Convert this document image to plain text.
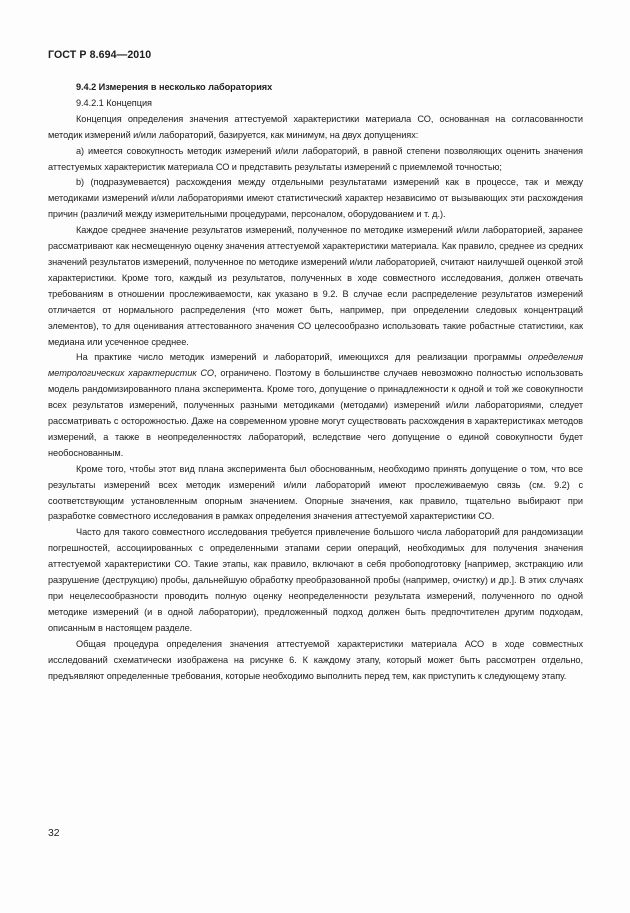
ГОСТ Р 8.694—2010

9.4.2 Измерения в несколько лабораториях

9.4.2.1 Концепция

Концепция определения значения аттестуемой характеристики материала СО, основанная на согласованности методик измерений и/или лабораторий, базируется, как минимум, на двух допущениях:

а) имеется совокупность методик измерений и/или лабораторий, в равной степени позволяющих оценить значения аттестуемых характеристик материала СО и представить результаты измерений с приемлемой точностью;

b) (подразумевается) расхождения между отдельными результатами измерений как в процессе, так и между методиками измерений и/или лабораториями имеют статистический характер независимо от вызывающих эти расхождения причин (различий между измерительными процедурами, персоналом, оборудованием и т. д.).

Каждое среднее значение результатов измерений, полученное по методике измерений и/или лабораторией, заранее рассматривают как несмещенную оценку значения аттестуемой характеристики материала. Как правило, среднее из средних значений результатов измерений, полученное по методике измерений и/или лабораторией, считают наилучшей оценкой этой характеристики. Кроме того, каждый из результатов, полученных в ходе совместного исследования, должен отвечать требованиям в отношении прослеживаемости, как указано в 9.2. В случае если распределение результатов измерений отличается от нормального распределения (что может быть, например, при определении следовых концентраций элементов), то для оценивания аттестованного значения СО целесообразно использовать такие робастные статистики, как медиана или усеченное среднее.

На практике число методик измерений и лабораторий, имеющихся для реализации программы определения метрологических характеристик СО, ограничено. Поэтому в большинстве случаев невозможно полностью использовать модель рандомизированного плана эксперимента. Кроме того, допущение о принадлежности к одной и той же совокупности всех результатов измерений, полученных разными методиками (методами) измерений и/или лабораториями, следует рассматривать с осторожностью. Даже на современном уровне могут существовать расхождения в характеристиках методов измерений, а также в неопределенностях лабораторий, вследствие чего допущение о единой совокупности будет необоснованным.

Кроме того, чтобы этот вид плана эксперимента был обоснованным, необходимо принять допущение о том, что все результаты измерений всех методик измерений и/или лабораторий имеют прослеживаемую связь (см. 9.2) с соответствующим установленным опорным значением. Опорные значения, как правило, тщательно выбирают при разработке совместного исследования в рамках определения значения аттестуемой характеристики СО.

Часто для такого совместного исследования требуется привлечение большого числа лабораторий для рандомизации погрешностей, ассоциированных с определенными этапами серии операций, необходимых для получения значения аттестуемой характеристики СО. Такие этапы, как правило, включают в себя пробоподготовку [например, экстракцию или разрушение (деструкцию) пробы, дальнейшую обработку преобразованной пробы (например, очистку) и др.]. В этих случаях при нецелесообразности проводить полную оценку неопределенности результата измерений, полученного по одной методике измерений (и в одной лаборатории), предложенный подход должен быть предпочтителен другим подходам, описанным в настоящем разделе.

Общая процедура определения значения аттестуемой характеристики материала АСО в ходе совместных исследований схематически изображена на рисунке 6. К каждому этапу, который может быть рассмотрен отдельно, предъявляют определенные требования, которые необходимо выполнить перед тем, как приступить к следующему этапу.

32
